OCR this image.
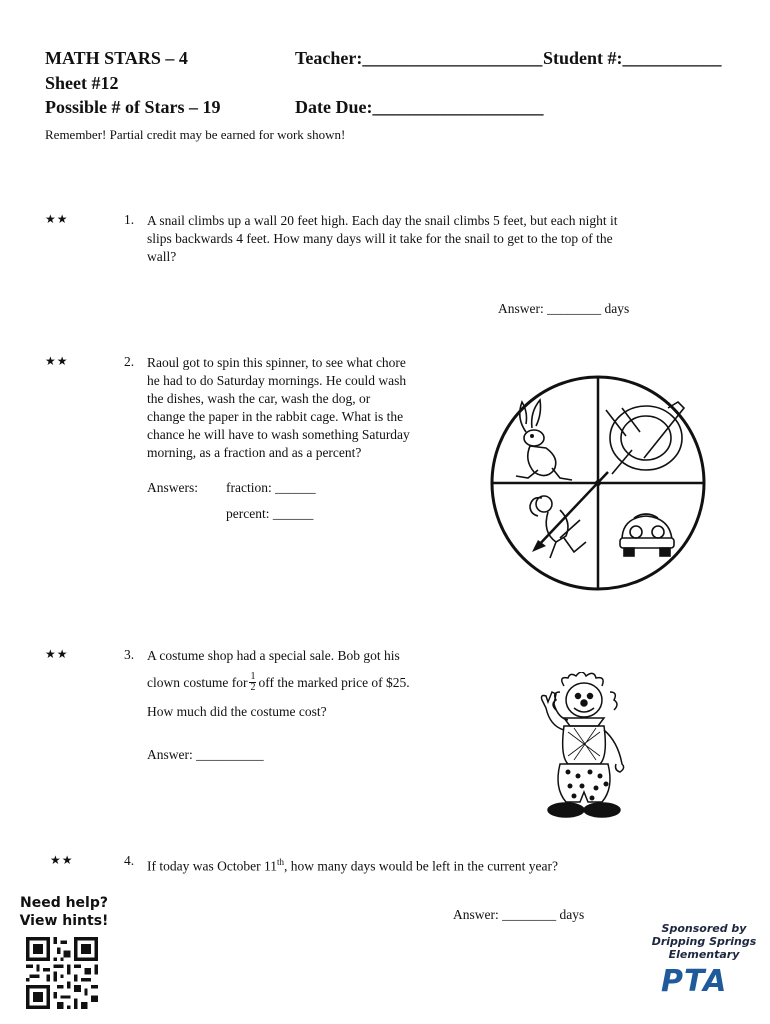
MATH STARS – 4
Sheet #12
Possible # of Stars – 19
Teacher:____________________ Student #:___________
Date Due:___________________
Remember! Partial credit may be earned for work shown!
★★	1. A snail climbs up a wall 20 feet high. Each day the snail climbs 5 feet, but each night it
slips backwards 4 feet. How many days will it take for the snail to get to the top of the
wall?
Answer: ________ days
★★	2. Raoul got to spin this spinner, to see what chore
he had to do Saturday mornings. He could wash
the dishes, wash the car, wash the dog, or
change the paper in the rabbit cage. What is the
chance he will have to wash something Saturday
morning, as a fraction and as a percent?
Answers: fraction: ______
percent: ______
★★	3. A costume shop had a special sale. Bob got his
clown costume for $\frac{1}{2}$ off the marked price of $25.
How much did the costume cost?
Answer: __________
★★	4. If today was October 11th, how many days would be left in the current year?
Answer: ________ days
Need help?
View hints!	Sponsored by
Dripping Springs
Elementary
PTA
